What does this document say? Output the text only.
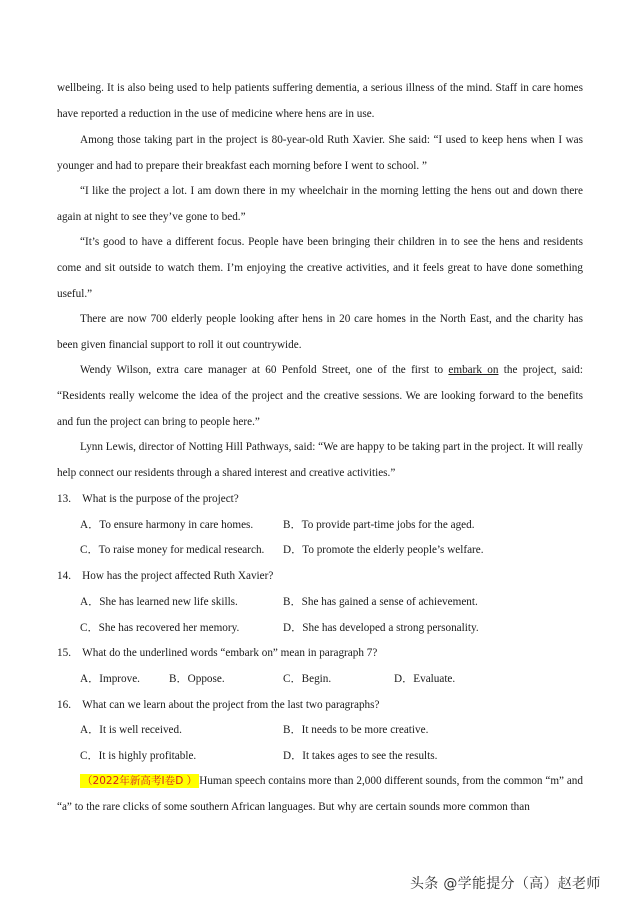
wellbeing. It is also being used to help patients suffering dementia, a serious illness of the mind. Staff in care homes have reported a reduction in the use of medicine where hens are in use.

Among those taking part in the project is 80-year-old Ruth Xavier. She said: “I used to keep hens when I was younger and had to prepare their breakfast each morning before I went to school. ”

“I like the project a lot. I am down there in my wheelchair in the morning letting the hens out and down there again at night to see they’ve gone to bed.”

“It’s good to have a different focus. People have been bringing their children in to see the hens and residents come and sit outside to watch them. I’m enjoying the creative activities, and it feels great to have done something useful.”

There are now 700 elderly people looking after hens in 20 care homes in the North East, and the charity has been given financial support to roll it out countrywide.

Wendy Wilson, extra care manager at 60 Penfold Street, one of the first to embark on the project, said: “Residents really welcome the idea of the project and the creative sessions. We are looking forward to the benefits and fun the project can bring to people here.”

Lynn Lewis, director of Notting Hill Pathways, said: “We are happy to be taking part in the project. It will really help connect our residents through a shared interest and creative activities.”

13.　What is the purpose of the project?
A．To ensure harmony in care homes.	B．To provide part-time jobs for the aged.
C．To raise money for medical research. D．To promote the elderly people’s welfare.
14.　How has the project affected Ruth Xavier?
A．She has learned new life skills.	B．She has gained a sense of achievement.
C．She has recovered her memory.	D．She has developed a strong personality.
15.　What do the underlined words “embark on” mean in paragraph 7?
A．Improve.	B．Oppose.	C．Begin.	D．Evaluate.
16.　What can we learn about the project from the last two paragraphs?
A．It is well received.	B．It needs to be more creative.
C．It is highly profitable.	D．It takes ages to see the results.

（2022年新高考Ⅰ卷D ） Human speech contains more than 2,000 different sounds, from the common “m” and “a” to the rare clicks of some southern African languages. But why are certain sounds more common than

头条 @学能提分（高）赵老师
